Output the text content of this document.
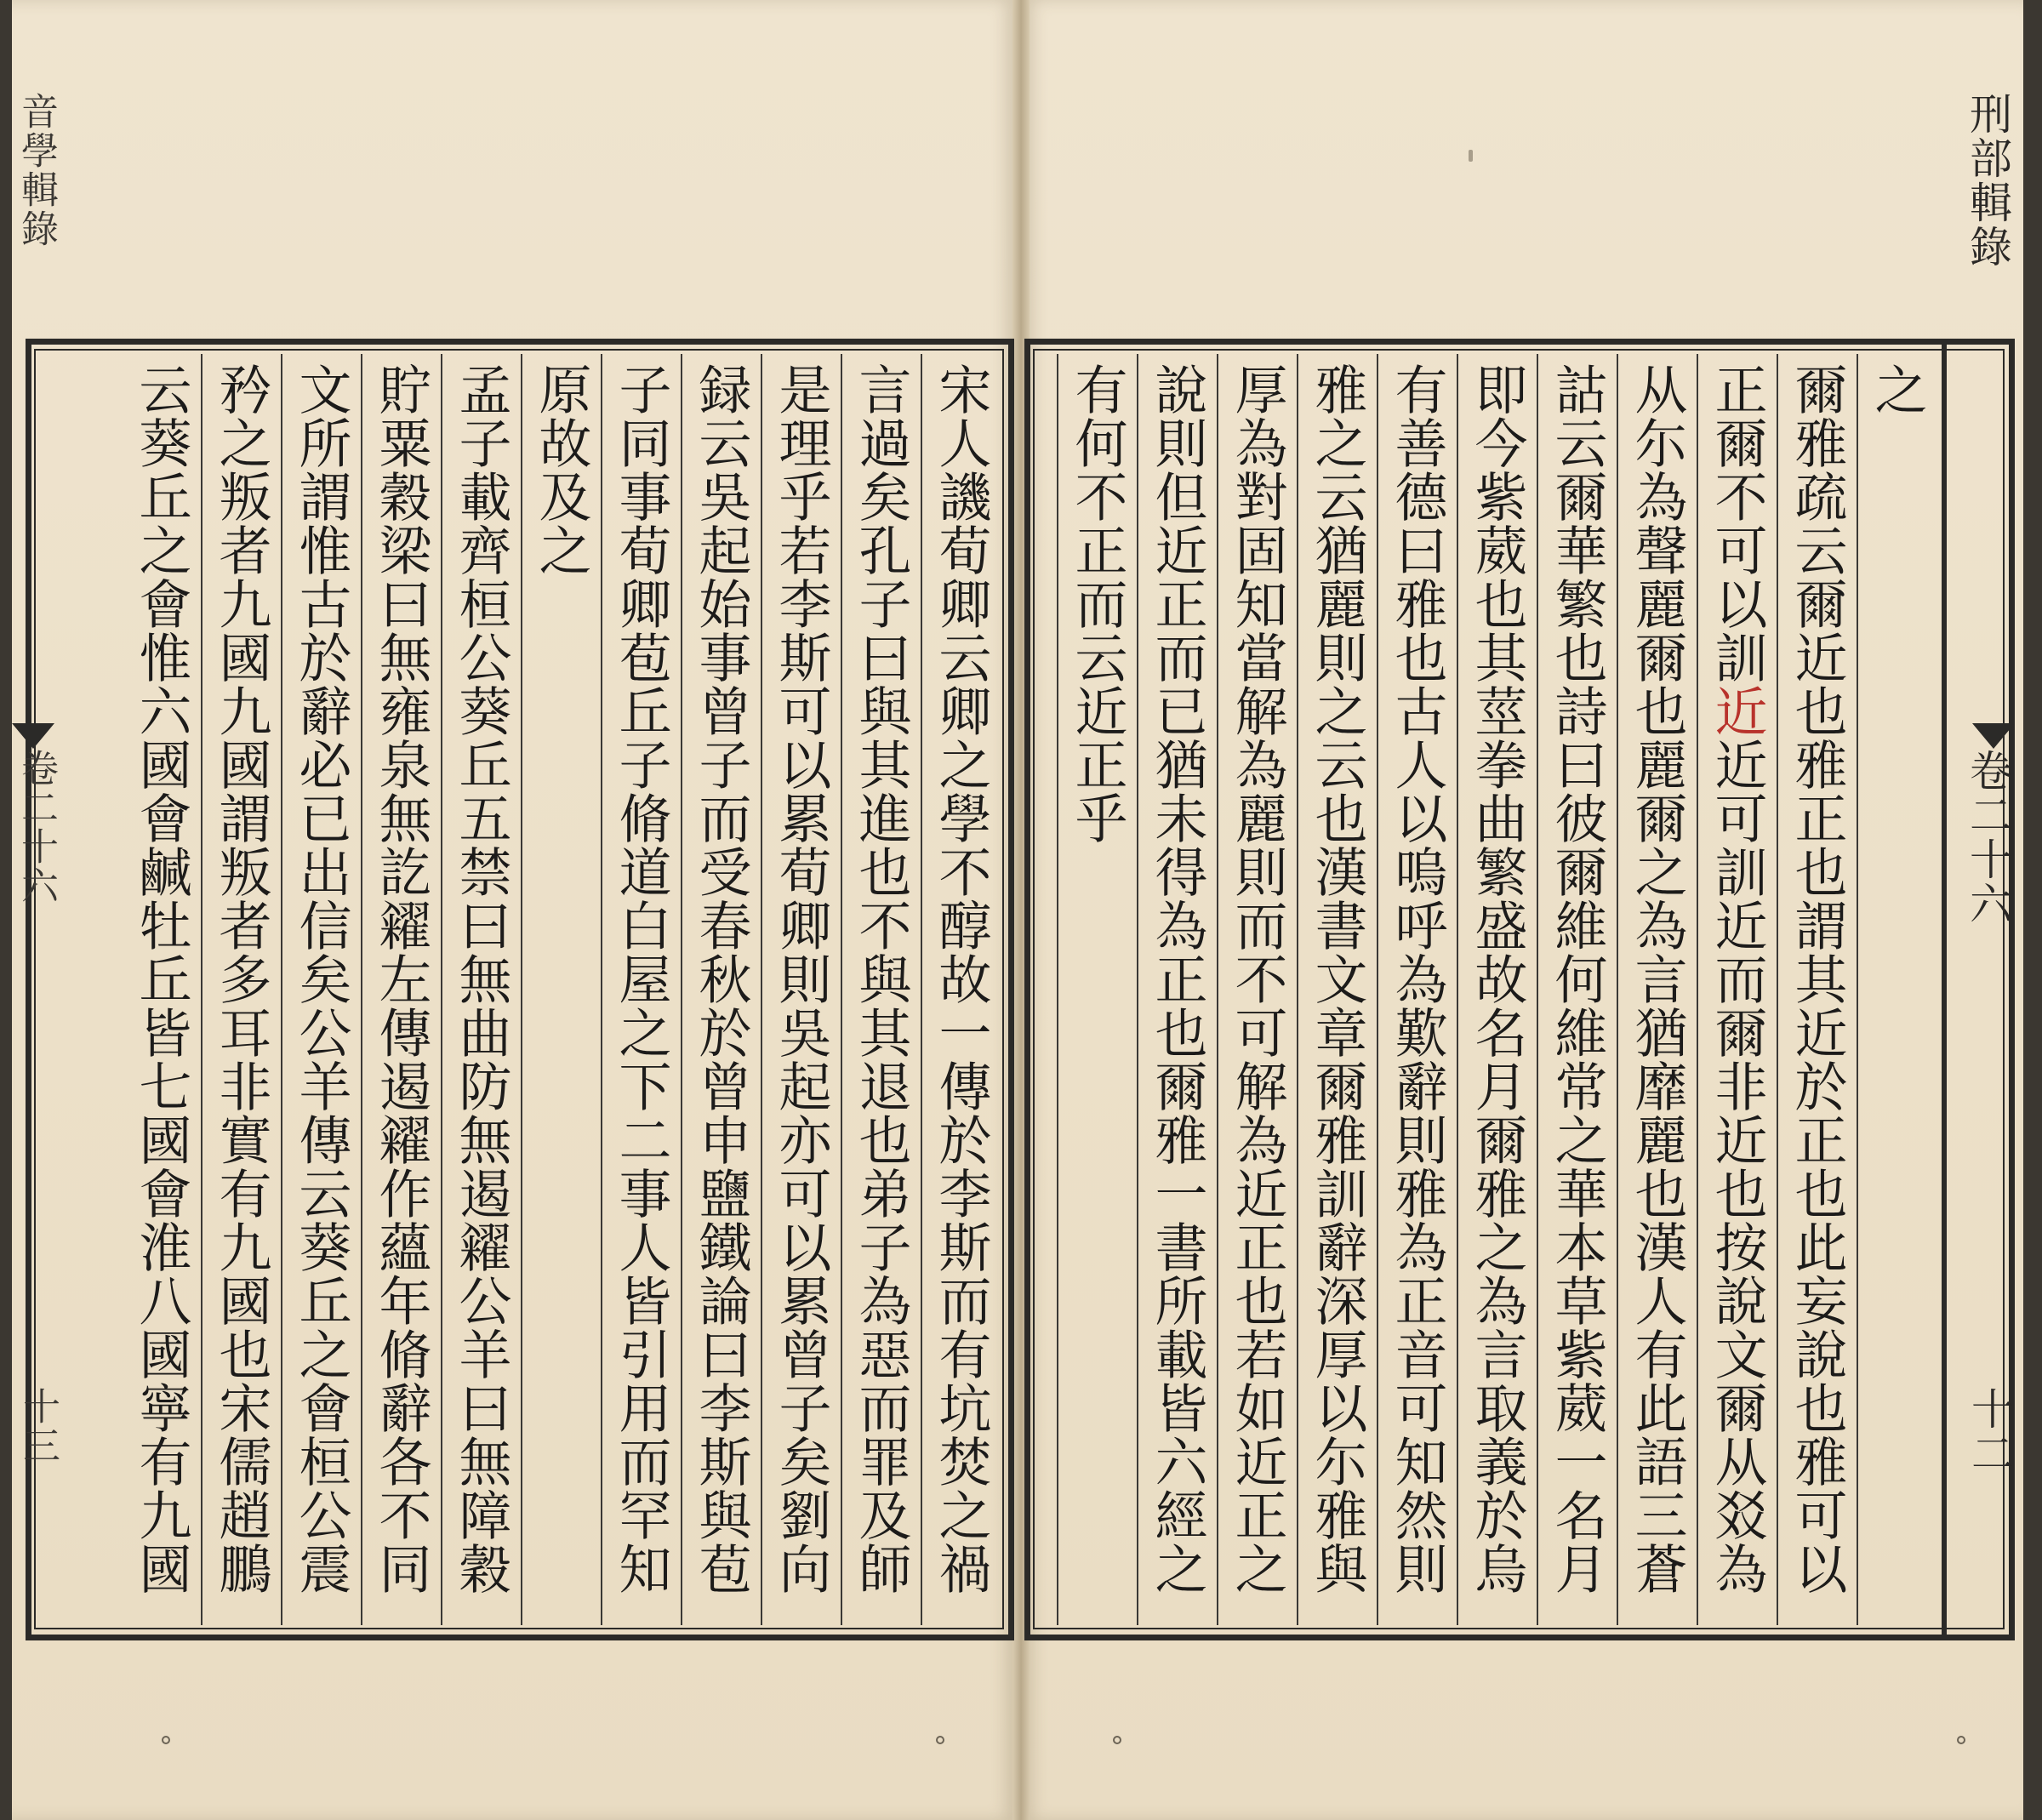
刑部輯錄
卷二十六
十二
音學輯錄
卷二十六
十三
之
爾雅疏云爾近也雅正也謂其近於正也此妄說也雅可以
正爾不可以訓近近可訓近而爾非近也按說文爾从㸚為
从尓為聲麗爾也麗爾之為言猶靡麗也漢人有此語三蒼
詁云爾華繁也詩曰彼爾維何維常之華本草紫葳一名月
即今紫葳也其莖拳曲繁盛故名月爾雅之為言取義於烏
有善德曰雅也古人以嗚呼為歎辭則雅為正音可知然則
雅之云猶麗則之云也漢書文章爾雅訓辭深厚以尓雅與
厚為對固知當解為麗則而不可解為近正也若如近正之
說則但近正而已猶未得為正也爾雅一書所載皆六經之
有何不正而云近正乎
宋人譏荀卿云卿之學不醇故一傳於李斯而有坑焚之禍
言過矣孔子曰與其進也不與其退也弟子為惡而罪及師
是理乎若李斯可以累荀卿則吳起亦可以累曾子矣劉向
録云吳起始事曾子而受春秋於曾申鹽鐵論曰李斯與苞
子同事荀卿苞丘子脩道白屋之下二事人皆引用而罕知
原故及之
孟子載齊桓公葵丘五禁曰無曲防無遏糴公羊曰無障穀
貯粟穀梁曰無雍泉無訖糴左傳遏糴作蘊年脩辭各不同
文所謂惟古於辭必已出信矣公羊傳云葵丘之會桓公震
矜之叛者九國九國謂叛者多耳非實有九國也宋儒趙鵬
云葵丘之會惟六國會鹹牡丘皆七國會淮八國寧有九國
